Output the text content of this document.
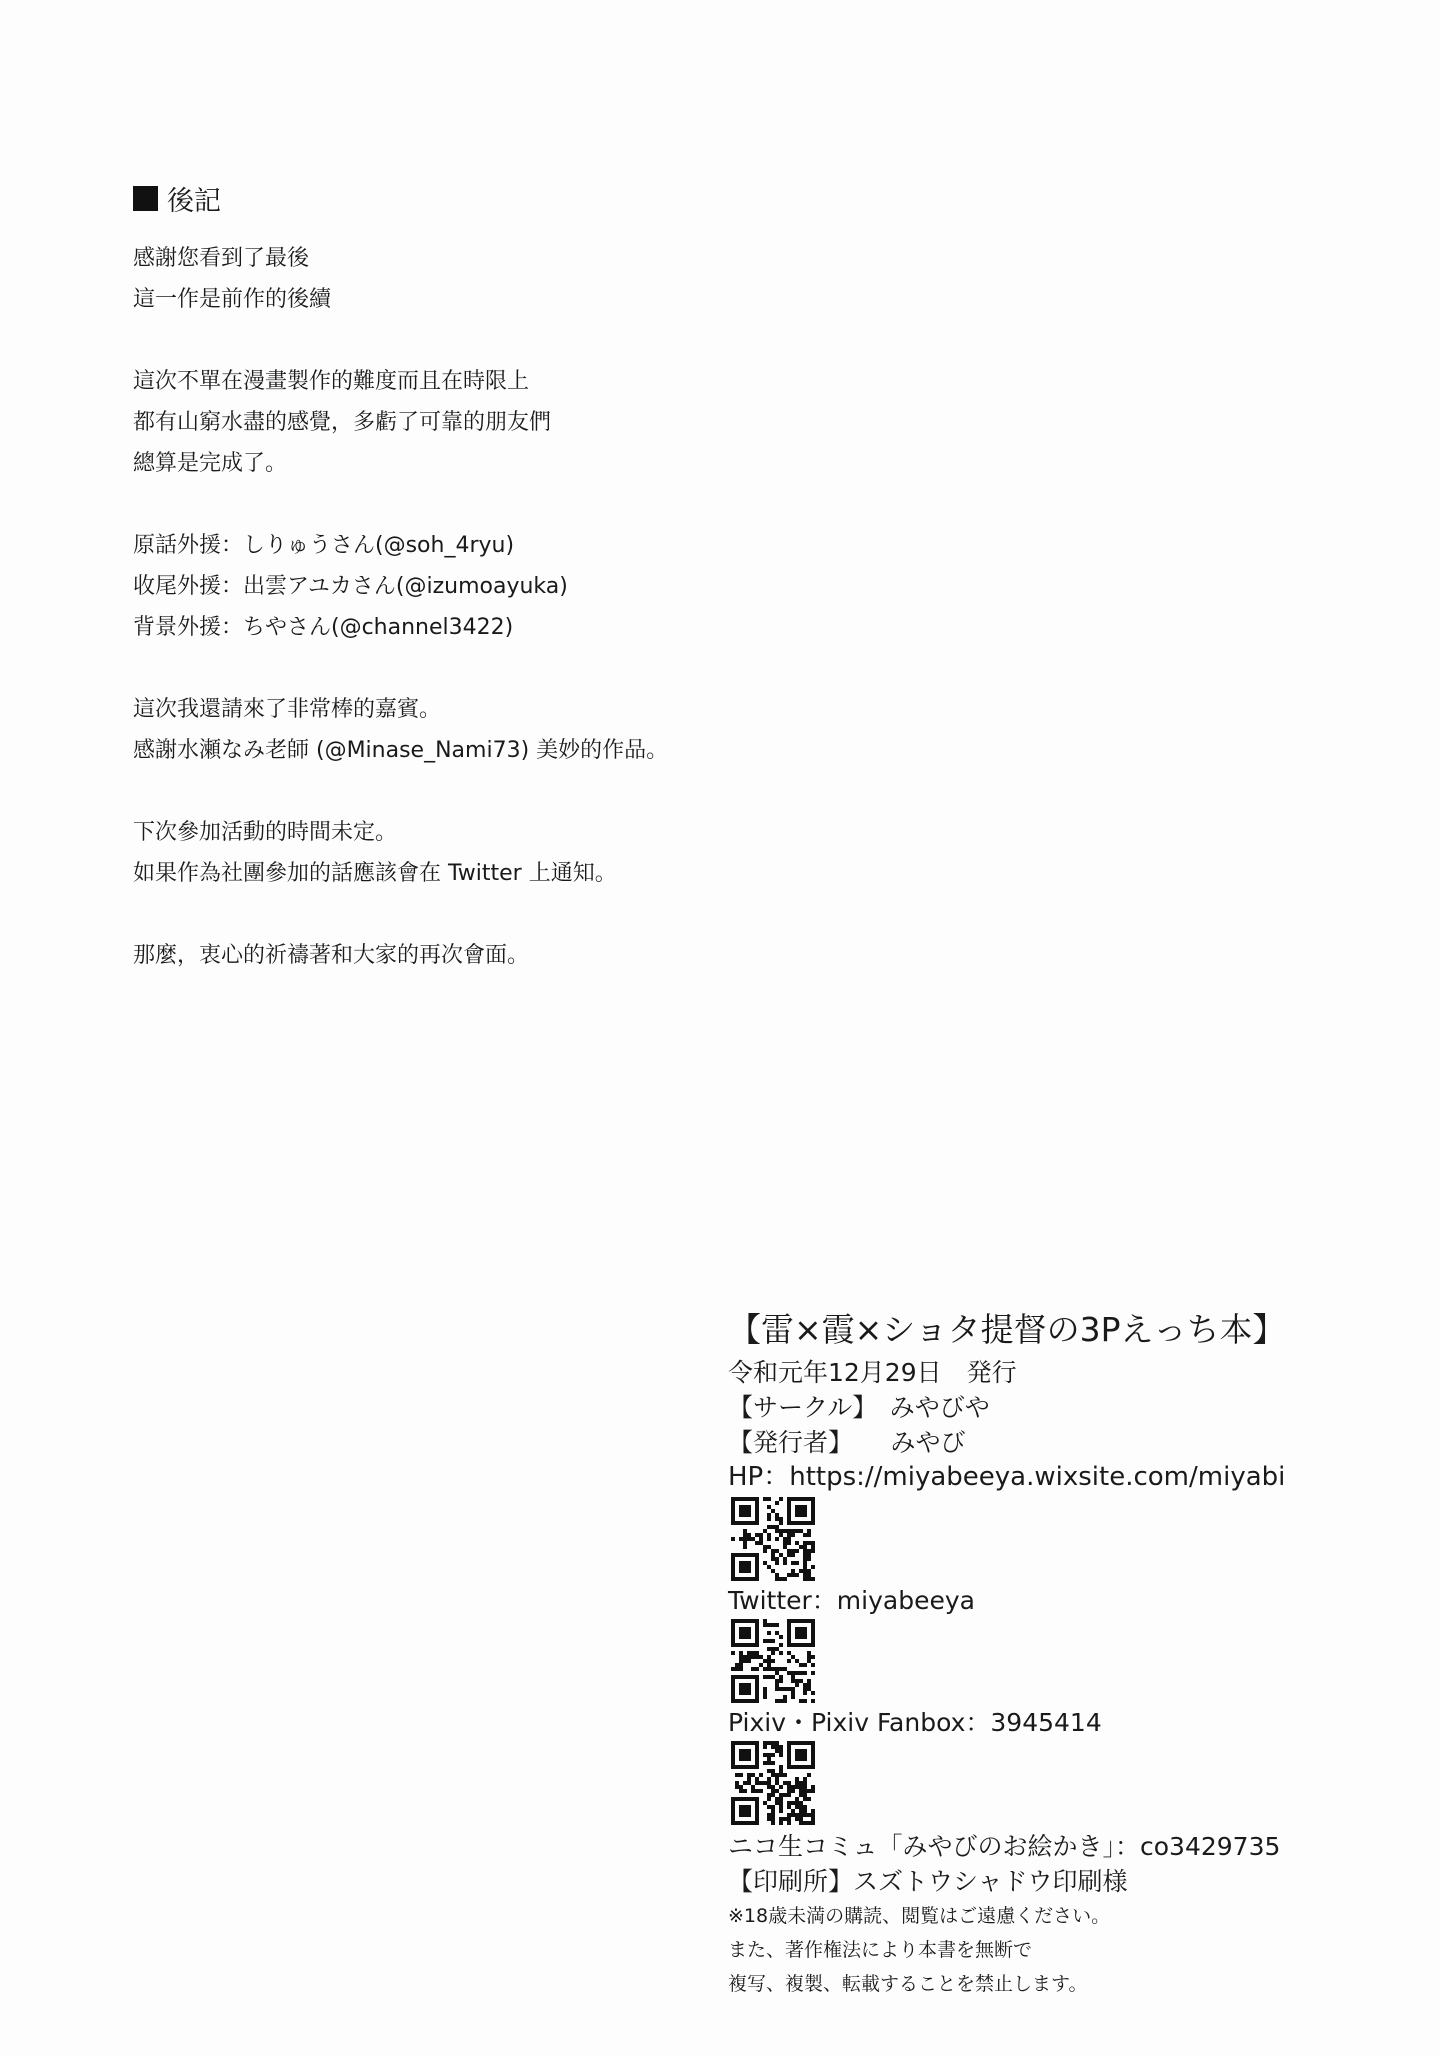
後記
感謝您看到了最後
這一作是前作的後續
這次不單在漫畫製作的難度而且在時限上
都有山窮水盡的感覺，多虧了可靠的朋友們
總算是完成了。
原話外援：しりゅうさん(@soh_4ryu)
收尾外援：出雲アユカさん(@izumoayuka)
背景外援：ちやさん(@channel3422)
這次我還請來了非常棒的嘉賓。
感謝水瀬なみ老師 (@Minase_Nami73) 美妙的作品。
下次參加活動的時間未定。
如果作為社團參加的話應該會在 Twitter 上通知。
那麼，衷心的祈禱著和大家的再次會面。
【雷×霞×ショタ提督の3Pえっち本】
令和元年12月29日　発行
【サークル】　みやびや
【発行者】　　みやび
HP：https://miyabeeya.wixsite.com/miyabi
Twitter：miyabeeya
Pixiv・Pixiv Fanbox：3945414
ニコ生コミュ「みやびのお絵かき」：co3429735
【印刷所】スズトウシャドウ印刷様
※18歳未満の購読、閲覧はご遠慮ください。
また、著作権法により本書を無断で
複写、複製、転載することを禁止します。
